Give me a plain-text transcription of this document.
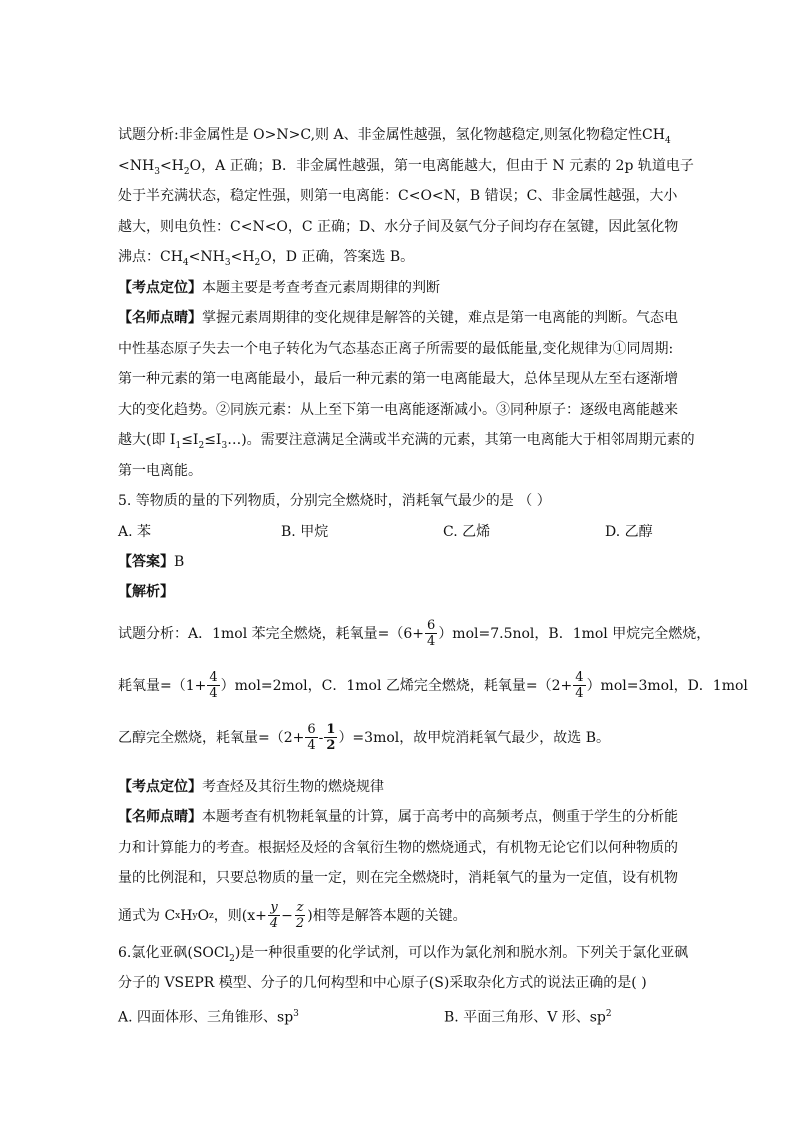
试题分析:非金属性是 O>N>C,则 A、非金属性越强，氢化物越稳定,则氢化物稳定性$CH_4$
$<NH_3<H_2O$，A 正确；B．非金属性越强，第一电离能越大，但由于 N 元素的 2p 轨道电子
处于半充满状态，稳定性强，则第一电离能：C<O<N，B 错误；C、非金属性越强，大小
越大，则电负性：C<N<O，C 正确；D、水分子间及氨气分子间均存在氢键，因此氢化物
沸点：$CH_4<NH_3<H_2O$，D 正确，答案选 B。
【考点定位】本题主要是考查考查元素周期律的判断
【名师点晴】掌握元素周期律的变化规律是解答的关键，难点是第一电离能的判断。气态电
中性基态原子失去一个电子转化为气态基态正离子所需要的最低能量,变化规律为①同周期:
第一种元素的第一电离能最小，最后一种元素的第一电离能最大，总体呈现从左至右逐渐增
大的变化趋势。②同族元素：从上至下第一电离能逐渐减小。③同种原子：逐级电离能越来
越大(即 $I_1\le I_2\le I_3\dots$)。需要注意满足全满或半充满的元素，其第一电离能大于相邻周期元素的
第一电离能。
5. 等物质的量的下列物质，分别完全燃烧时，消耗氧气最少的是 （ ）
A. 苯	B. 甲烷	C. 乙烯	D. 乙醇
【答案】B
【解析】
试题分析：A．1mol 苯完全燃烧，耗氧量$=(6+ \frac{6}{4} )mol=7.5nol$，B．1mol 甲烷完全燃烧，
耗氧量$=(1+ \frac{4}{4} )mol=2mol$，C．1mol 乙烯完全燃烧，耗氧量$=(2+ \frac{4}{4} )mol=3mol$，D．1mol
乙醇完全燃烧，耗氧量$=(2+ \frac{6}{4} - \frac{1}{2} )=3mol$，故甲烷消耗氧气最少，故选 B。
【考点定位】考查烃及其衍生物的燃烧规律
【名师点晴】本题考查有机物耗氧量的计算，属于高考中的高频考点，侧重于学生的分析能
力和计算能力的考查。根据烃及烃的含氧衍生物的燃烧通式，有机物无论它们以何种物质的
量的比例混和，只要总物质的量一定，则在完全燃烧时，消耗氧气的量为一定值，设有机物
通式为 C x H y O z ，则($x+ \frac{y}{4} - \frac{z}{2}$ )相等是解答本题的关键。
6.氯化亚砜(SOCl$_2$)是一种很重要的化学试剂，可以作为氯化剂和脱水剂。下列关于氯化亚砜
分子的 VSEPR 模型、分子的几何构型和中心原子(S)采取杂化方式的说法正确的是( )
A. 四面体形、三角锥形、$sp^3$	B. 平面三角形、V 形、$sp^2$
